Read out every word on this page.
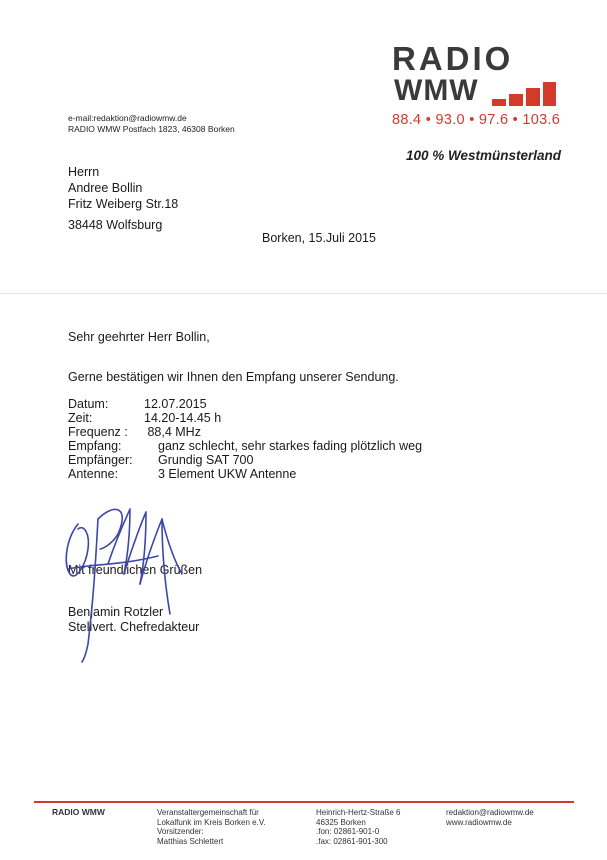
RADIO
WMW
88.4 • 93.0 • 97.6 • 103.6
100 % Westmünsterland
e-mail:redaktion@radiowmw.de
RADIO WMW Postfach 1823, 46308 Borken
Herrn
Andree Bollin
Fritz Weiberg Str.18
38448 Wolfsburg
Borken, 15.Juli 2015
Sehr geehrter Herr Bollin,
Gerne bestätigen wir Ihnen den Empfang unserer Sendung.
Datum:	12.07.2015
Zeit:	14.20-14.45 h
Frequenz : 88,4 MHz
Empfang:	ganz schlecht, sehr starkes fading plötzlich weg
Empfänger: Grundig SAT 700
Antenne:	3 Element UKW Antenne
Mit freundlichen Grüßen
Benjamin Rotzler
Stellvert. Chefredakteur
RADIO WMW	Veranstaltergemeinschaft für
Lokalfunk im Kreis Borken e.V.
Vorsitzender:
Matthias Schlettert
Heinrich-Hertz-Straße 6
46325 Borken
.fon: 02861-901-0
.fax: 02861-901-300
redaktion@radiowmw.de
www.radiowmw.de
